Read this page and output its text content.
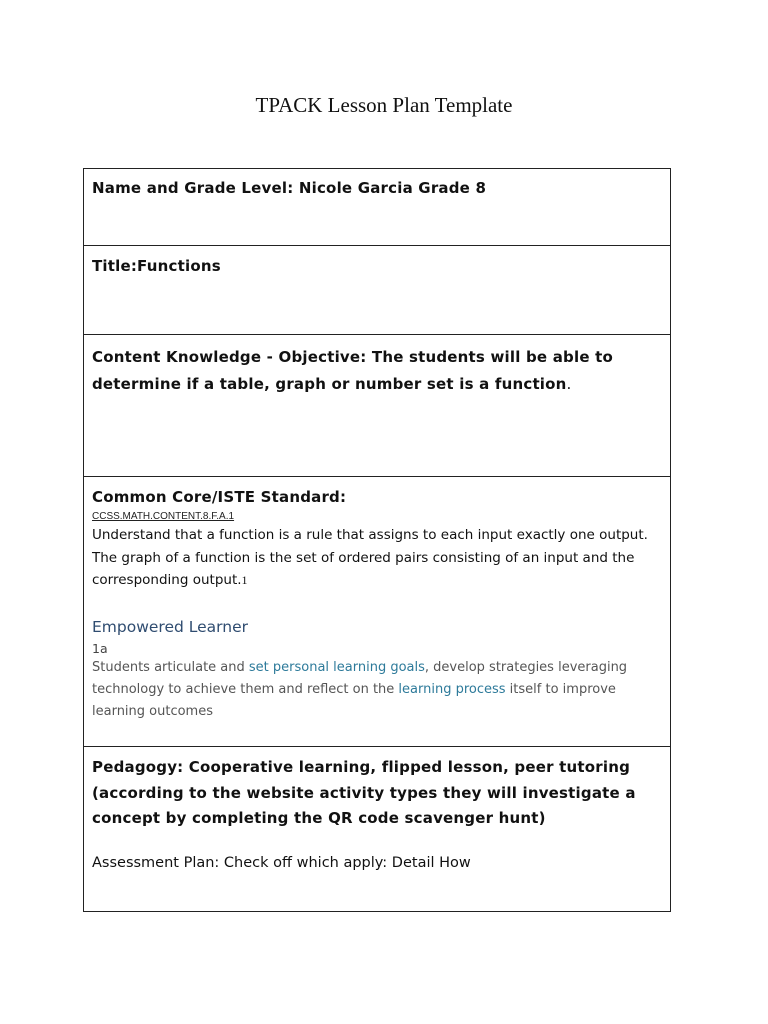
TPACK Lesson Plan Template
Name and Grade Level: Nicole Garcia Grade 8
Title:Functions
Content Knowledge - Objective: The students will be able to determine if a table, graph or number set is a function.
Common Core/ISTE Standard:
CCSS.MATH.CONTENT.8.F.A.1
Understand that a function is a rule that assigns to each input exactly one output. The graph of a function is the set of ordered pairs consisting of an input and the corresponding output.1
Empowered Learner
1a
Students articulate and set personal learning goals, develop strategies leveraging technology to achieve them and reflect on the learning process itself to improve learning outcomes
Pedagogy: Cooperative learning, flipped lesson, peer tutoring (according to the website activity types they will investigate a concept by completing the QR code scavenger hunt)
Assessment Plan: Check off which apply: Detail How
